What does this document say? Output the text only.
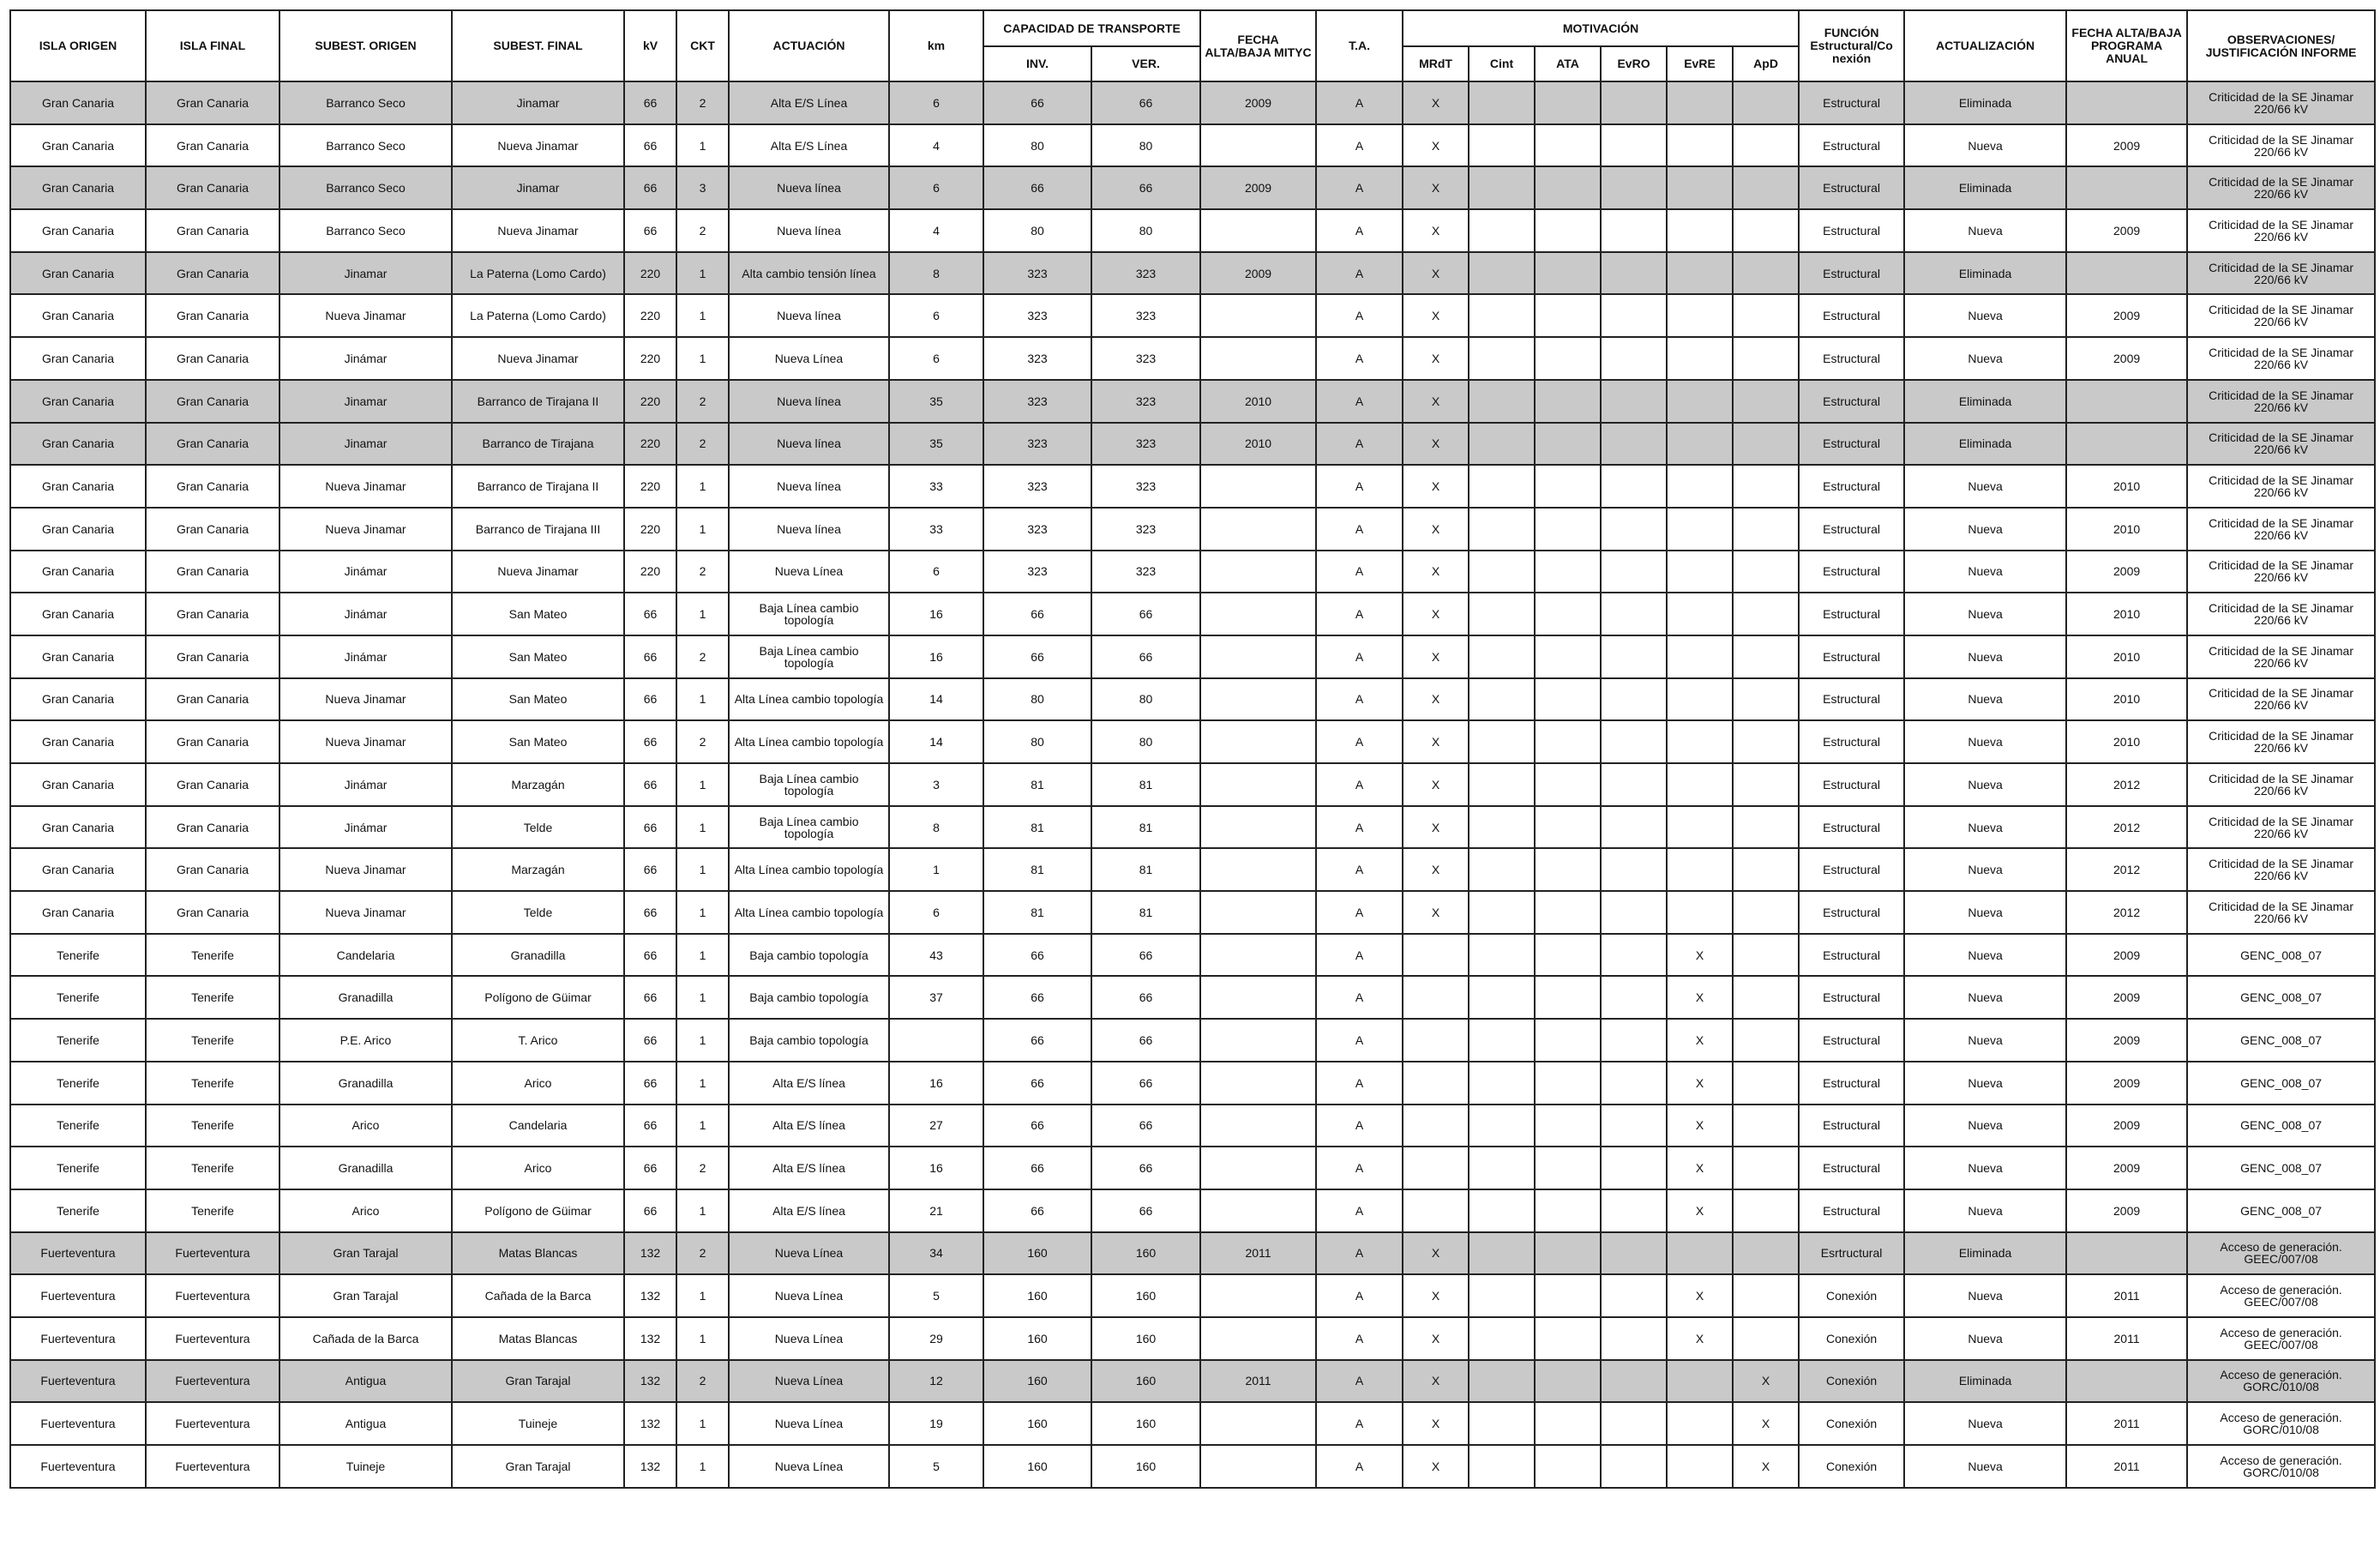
ISLA ORIGEN	ISLA FINAL	SUBEST. ORIGEN	SUBEST. FINAL	kV	CKT	ACTUACIÓN	km	CAPACIDAD DE TRANSPORTE		FECHA ALTA/BAJA MITYC	T.A.	MOTIVACIÓN						FUNCIÓN Estructural/Co nexión	ACTUALIZACIÓN	FECHA ALTA/BAJA PROGRAMA ANUAL	OBSERVACIONES/ JUSTIFICACIÓN INFORME
								INV.	VER.			MRdT	Cint	ATA	EvRO	EvRE	ApD				
Gran Canaria	Gran Canaria	Barranco Seco	Jinamar	66	2	Alta E/S Línea	6	66	66	2009	A	X						Estructural	Eliminada		Criticidad de la SE Jinamar 220/66 kV
Gran Canaria	Gran Canaria	Barranco Seco	Nueva Jinamar	66	1	Alta E/S Línea	4	80	80		A	X						Estructural	Nueva	2009	Criticidad de la SE Jinamar 220/66 kV
Gran Canaria	Gran Canaria	Barranco Seco	Jinamar	66	3	Nueva línea	6	66	66	2009	A	X						Estructural	Eliminada		Criticidad de la SE Jinamar 220/66 kV
Gran Canaria	Gran Canaria	Barranco Seco	Nueva Jinamar	66	2	Nueva línea	4	80	80		A	X						Estructural	Nueva	2009	Criticidad de la SE Jinamar 220/66 kV
Gran Canaria	Gran Canaria	Jinamar	La Paterna (Lomo Cardo)	220	1	Alta cambio tensión línea	8	323	323	2009	A	X						Estructural	Eliminada		Criticidad de la SE Jinamar 220/66 kV
Gran Canaria	Gran Canaria	Nueva Jinamar	La Paterna (Lomo Cardo)	220	1	Nueva línea	6	323	323		A	X						Estructural	Nueva	2009	Criticidad de la SE Jinamar 220/66 kV
Gran Canaria	Gran Canaria	Jinámar	Nueva Jinamar	220	1	Nueva Línea	6	323	323		A	X						Estructural	Nueva	2009	Criticidad de la SE Jinamar 220/66 kV
Gran Canaria	Gran Canaria	Jinamar	Barranco de Tirajana II	220	2	Nueva línea	35	323	323	2010	A	X						Estructural	Eliminada		Criticidad de la SE Jinamar 220/66 kV
Gran Canaria	Gran Canaria	Jinamar	Barranco de Tirajana	220	2	Nueva línea	35	323	323	2010	A	X						Estructural	Eliminada		Criticidad de la SE Jinamar 220/66 kV
Gran Canaria	Gran Canaria	Nueva Jinamar	Barranco de Tirajana II	220	1	Nueva línea	33	323	323		A	X						Estructural	Nueva	2010	Criticidad de la SE Jinamar 220/66 kV
Gran Canaria	Gran Canaria	Nueva Jinamar	Barranco de Tirajana III	220	1	Nueva línea	33	323	323		A	X						Estructural	Nueva	2010	Criticidad de la SE Jinamar 220/66 kV
Gran Canaria	Gran Canaria	Jinámar	Nueva Jinamar	220	2	Nueva Línea	6	323	323		A	X						Estructural	Nueva	2009	Criticidad de la SE Jinamar 220/66 kV
Gran Canaria	Gran Canaria	Jinámar	San Mateo	66	1	Baja Línea cambio topología	16	66	66		A	X						Estructural	Nueva	2010	Criticidad de la SE Jinamar 220/66 kV
Gran Canaria	Gran Canaria	Jinámar	San Mateo	66	2	Baja Línea cambio topología	16	66	66		A	X						Estructural	Nueva	2010	Criticidad de la SE Jinamar 220/66 kV
Gran Canaria	Gran Canaria	Nueva Jinamar	San Mateo	66	1	Alta Línea cambio topología	14	80	80		A	X						Estructural	Nueva	2010	Criticidad de la SE Jinamar 220/66 kV
Gran Canaria	Gran Canaria	Nueva Jinamar	San Mateo	66	2	Alta Línea cambio topología	14	80	80		A	X						Estructural	Nueva	2010	Criticidad de la SE Jinamar 220/66 kV
Gran Canaria	Gran Canaria	Jinámar	Marzagán	66	1	Baja Línea cambio topología	3	81	81		A	X						Estructural	Nueva	2012	Criticidad de la SE Jinamar 220/66 kV
Gran Canaria	Gran Canaria	Jinámar	Telde	66	1	Baja Línea cambio topología	8	81	81		A	X						Estructural	Nueva	2012	Criticidad de la SE Jinamar 220/66 kV
Gran Canaria	Gran Canaria	Nueva Jinamar	Marzagán	66	1	Alta Línea cambio topología	1	81	81		A	X						Estructural	Nueva	2012	Criticidad de la SE Jinamar 220/66 kV
Gran Canaria	Gran Canaria	Nueva Jinamar	Telde	66	1	Alta Línea cambio topología	6	81	81		A	X						Estructural	Nueva	2012	Criticidad de la SE Jinamar 220/66 kV
Tenerife	Tenerife	Candelaria	Granadilla	66	1	Baja cambio topología	43	66	66		A					X		Estructural	Nueva	2009	GENC_008_07
Tenerife	Tenerife	Granadilla	Polígono de Güimar	66	1	Baja cambio topología	37	66	66		A					X		Estructural	Nueva	2009	GENC_008_07
Tenerife	Tenerife	P.E. Arico	T. Arico	66	1	Baja cambio topología		66	66		A					X		Estructural	Nueva	2009	GENC_008_07
Tenerife	Tenerife	Granadilla	Arico	66	1	Alta E/S línea	16	66	66		A					X		Estructural	Nueva	2009	GENC_008_07
Tenerife	Tenerife	Arico	Candelaria	66	1	Alta E/S línea	27	66	66		A					X		Estructural	Nueva	2009	GENC_008_07
Tenerife	Tenerife	Granadilla	Arico	66	2	Alta E/S línea	16	66	66		A					X		Estructural	Nueva	2009	GENC_008_07
Tenerife	Tenerife	Arico	Polígono de Güimar	66	1	Alta E/S línea	21	66	66		A					X		Estructural	Nueva	2009	GENC_008_07
Fuerteventura	Fuerteventura	Gran Tarajal	Matas Blancas	132	2	Nueva Línea	34	160	160	2011	A	X						Esrtructural	Eliminada		Acceso de generación. GEEC/007/08
Fuerteventura	Fuerteventura	Gran Tarajal	Cañada de la Barca	132	1	Nueva Línea	5	160	160		A	X				X		Conexión	Nueva	2011	Acceso de generación. GEEC/007/08
Fuerteventura	Fuerteventura	Cañada de la Barca	Matas Blancas	132	1	Nueva Línea	29	160	160		A	X				X		Conexión	Nueva	2011	Acceso de generación. GEEC/007/08
Fuerteventura	Fuerteventura	Antigua	Gran Tarajal	132	2	Nueva Línea	12	160	160	2011	A	X					X	Conexión	Eliminada		Acceso de generación. GORC/010/08
Fuerteventura	Fuerteventura	Antigua	Tuineje	132	1	Nueva Línea	19	160	160		A	X					X	Conexión	Nueva	2011	Acceso de generación. GORC/010/08
Fuerteventura	Fuerteventura	Tuineje	Gran Tarajal	132	1	Nueva Línea	5	160	160		A	X					X	Conexión	Nueva	2011	Acceso de generación. GORC/010/08
